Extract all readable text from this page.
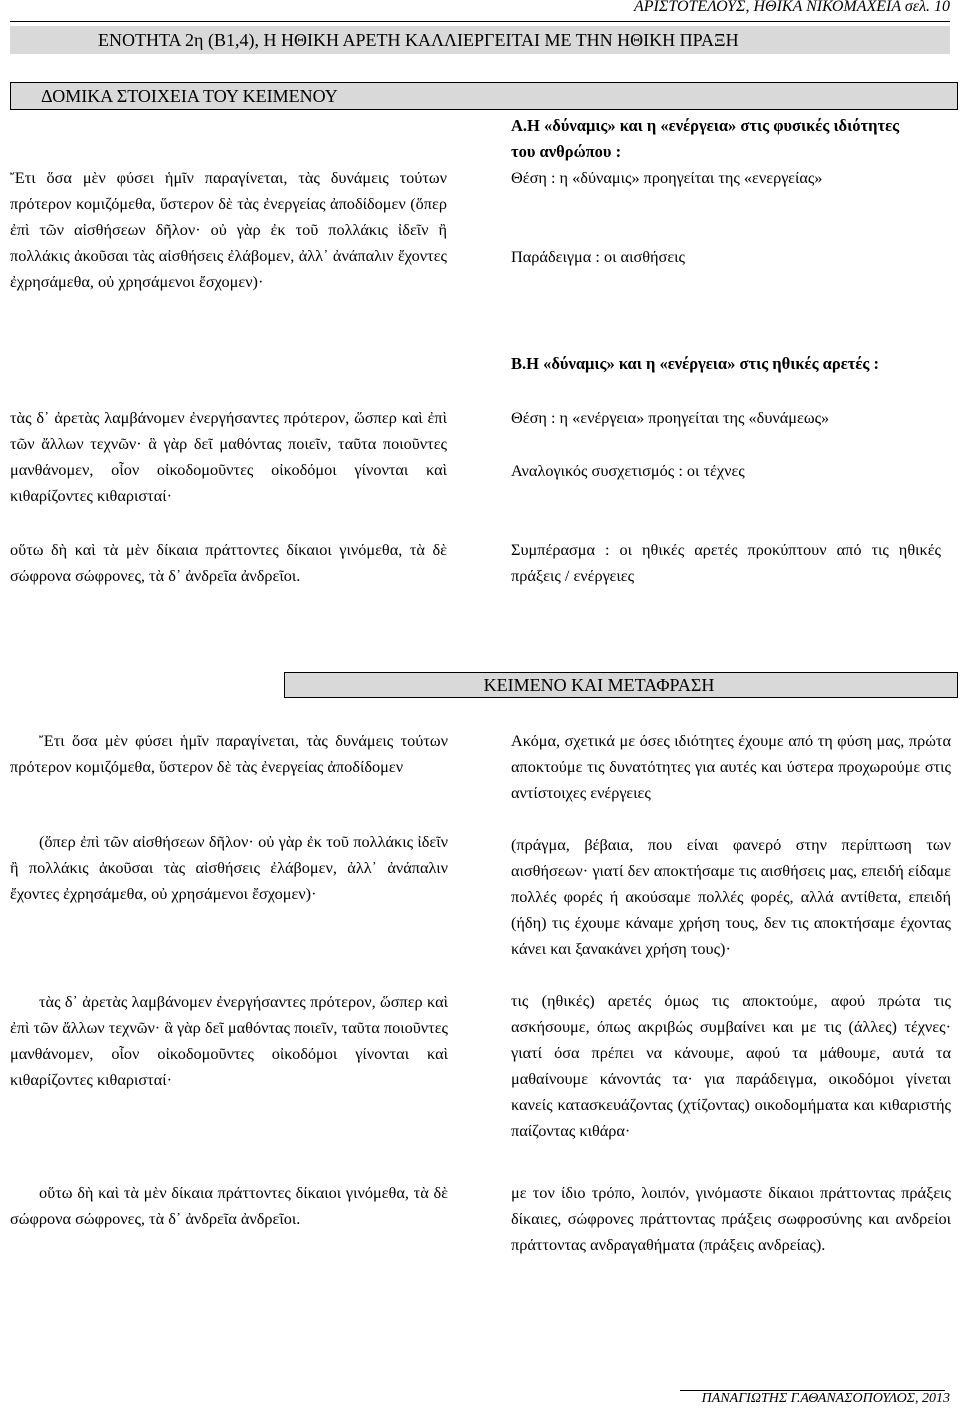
ΑΡΙΣΤΟΤΕΛΟΥΣ, ΗΘΙΚΑ ΝΙΚΟΜΑΧΕΙΑ σελ. 10
ΕΝΟΤΗΤΑ 2η (Β1,4), Η ΗΘΙΚΗ ΑΡΕΤΗ ΚΑΛΛΙΕΡΓΕΙΤΑΙ ΜΕ ΤΗΝ ΗΘΙΚΗ ΠΡΑΞΗ
ΔΟΜΙΚΑ ΣΤΟΙΧΕΙΑ ΤΟΥ ΚΕΙΜΕΝΟΥ
Ἔτι ὅσα μὲν φύσει ἡμῖν παραγίνεται, τὰς δυνάμεις τούτων πρότερον κομιζόμεθα, ὕστερον δὲ τὰς ἐνεργείας ἀποδίδομεν (ὅπερ ἐπὶ τῶν αἰσθήσεων δῆλον· οὐ γὰρ ἐκ τοῦ πολλάκις ἰδεῖν ἢ πολλάκις ἀκοῦσαι τὰς αἰσθήσεις ἐλάβομεν, ἀλλ᾽ ἀνάπαλιν ἔχοντες ἐχρησάμεθα, οὐ χρησάμενοι ἔσχομεν)·
τὰς δ᾽ ἀρετὰς λαμβάνομεν ἐνεργήσαντες πρότερον, ὥσπερ καὶ ἐπὶ τῶν ἄλλων τεχνῶν· ἃ γὰρ δεῖ μαθόντας ποιεῖν, ταῦτα ποιοῦντες μανθάνομεν, οἷον οἰκοδομοῦντες οἰκοδόμοι γίνονται καὶ κιθαρίζοντες κιθαρισταί·
οὕτω δὴ καὶ τὰ μὲν δίκαια πράττοντες δίκαιοι γινόμεθα, τὰ δὲ σώφρονα σώφρονες, τὰ δ᾽ ἀνδρεῖα ἀνδρεῖοι.
Α.Η «δύναμις» και η «ενέργεια» στις φυσικές ιδιότητες του ανθρώπου :
Θέση : η «δύναμις» προηγείται της «ενεργείας»
Παράδειγμα : οι αισθήσεις
Β.Η «δύναμις» και η «ενέργεια» στις ηθικές αρετές :
Θέση : η «ενέργεια» προηγείται της «δυνάμεως»
Αναλογικός συσχετισμός : οι τέχνες
Συμπέρασμα : οι ηθικές αρετές προκύπτουν από τις ηθικές πράξεις / ενέργειες
ΚΕΙΜΕΝΟ ΚΑΙ ΜΕΤΑΦΡΑΣΗ
Ἔτι ὅσα μὲν φύσει ἡμῖν παραγίνεται, τὰς δυνάμεις τούτων πρότερον κομιζόμεθα, ὕστερον δὲ τὰς ἐνεργείας ἀποδίδομεν
(ὅπερ ἐπὶ τῶν αἰσθήσεων δῆλον· οὐ γὰρ ἐκ τοῦ πολλάκις ἰδεῖν ἢ πολλάκις ἀκοῦσαι τὰς αἰσθήσεις ἐλάβομεν, ἀλλ᾽ ἀνάπαλιν ἔχοντες ἐχρησάμεθα, οὐ χρησάμενοι ἔσχομεν)·
τὰς δ᾽ ἀρετὰς λαμβάνομεν ἐνεργήσαντες πρότερον, ὥσπερ καὶ ἐπὶ τῶν ἄλλων τεχνῶν· ἃ γὰρ δεῖ μαθόντας ποιεῖν, ταῦτα ποιοῦντες μανθάνομεν, οἷον οἰκοδομοῦντες οἰκοδόμοι γίνονται καὶ κιθαρίζοντες κιθαρισταί·
οὕτω δὴ καὶ τὰ μὲν δίκαια πράττοντες δίκαιοι γινόμεθα, τὰ δὲ σώφρονα σώφρονες, τὰ δ᾽ ἀνδρεῖα ἀνδρεῖοι.
Ακόμα, σχετικά με όσες ιδιότητες έχουμε από τη φύση μας, πρώτα αποκτούμε τις δυνατότητες για αυτές και ύστερα προχωρούμε στις αντίστοιχες ενέργειες
(πράγμα, βέβαια, που είναι φανερό στην περίπτωση των αισθήσεων· γιατί δεν αποκτήσαμε τις αισθήσεις μας, επειδή είδαμε πολλές φορές ή ακούσαμε πολλές φορές, αλλά αντίθετα, επειδή (ήδη) τις έχουμε κάναμε χρήση τους, δεν τις αποκτήσαμε έχοντας κάνει και ξανακάνει χρήση τους)·
τις (ηθικές) αρετές όμως τις αποκτούμε, αφού πρώτα τις ασκήσουμε, όπως ακριβώς συμβαίνει και με τις (άλλες) τέχνες· γιατί όσα πρέπει να κάνουμε, αφού τα μάθουμε, αυτά τα μαθαίνουμε κάνοντάς τα· για παράδειγμα, οικοδόμοι γίνεται κανείς κατασκευάζοντας (χτίζοντας) οικοδομήματα και κιθαριστής παίζοντας κιθάρα·
με τον ίδιο τρόπο, λοιπόν, γινόμαστε δίκαιοι πράττοντας πράξεις δίκαιες, σώφρονες πράττοντας πράξεις σωφροσύνης και ανδρείοι πράττοντας ανδραγαθήματα (πράξεις ανδρείας).
ΠΑΝΑΓΙΩΤΗΣ Γ.ΑΘΑΝΑΣΟΠΟΥΛΟΣ, 2013
